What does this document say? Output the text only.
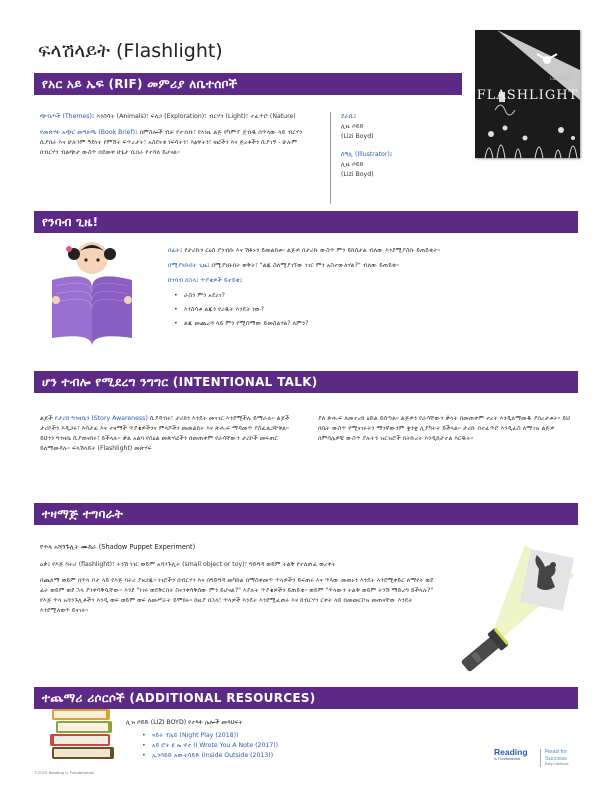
ፍላሽላይት (Flashlight)
LIZI BOYD
FLASHLIGHT
የአር አይ ኤፍ (RIF) መምሪያ ለቤተሰቦች
ጭብጦች (Themes)፤ እንስሳት (Animals)፣ ፍለጋ (Exploration)፣ ብርሃን (Light)፣ ተፈጥሮ (Nature)
የመጽሃፉ አጭር መግለጫ (Book Brief)፤ በምስሎች ብቻ የተገነቡ፣ የእነዚ ልጅ የካምፕ ጀብዱ በጥላው ላይ ብርሃን ሲያበራ እና ሁሉንም ዓይነት የምሽት ፍጥረታት፣ አስደናቂ ነፍሳትን፣ እፅዋትን፣ ዛፎችን እና ጅረቶችን ሲያገኝ - ሁሉም በብርሃን ብልጭታ ውስጥ በደመቀ ሁኔታ ሲበራ የተሻለ ይሆናል።
ደራሲ፤
ሊዚ ቦይድ
(Lizi Boyd)
ሰዓሊ (Illustrator)፤
ሊዚ ቦይድ
(Lizi Boyd)
የንባብ ጊዜ!
በፊት፤ የታሪኩን ርዕስ ያንብቡ እና ሽፋኑን ይመልከቱ። ልጅዎ በታሪኩ ውስጥ ምን ይከሰታል ብለው እንደሚያስቡ ይጠይቁት።
በሚያነቡበት ጊዜ፤ በሚያነቡበት ወቅት፣ "ልጁ ስለሚያገኘው ነገር ምን አስተውለሃል?" ብለው ይጠይቁ።
ከንባብ በኋላ፤ ጥያቄዎች ይተይቁ፤
• ራስን ምን አደረገ?
• እንስሳቱ ልጁን የረዱት እንዴት ነው?
• ልጁ መጨረሻ ላይ ምን የሚሰማው ይመስልሃል? ለምን?
ሆን ተብሎ የሚደረግ ንግግር (INTENTIONAL TALK)
ልጆች የታሪክ ግንዛቤን (Story Awareness) ሲያዳብሩ፣ ታሪክን እንዴት መናገር እንደሚችሉ ይማራሉ። ልጆች ታሪኮችን እዲጋሩ፣ እሳታፊ እና ተዛማች ጥያቄዎችንና ምላሾችን መመልከት እና ጽሑፍ ማዳመጥ ያስፈልጋቸዋል። ይህንን ግንዛቤ ሲያጠናክሩ፣ ይችላሉ። ቃል አልባ የስዕል መጽሃፎችን በመጠቀም የራሳቸውን ታሪኮች መፍጠር ይለማመዳሉ። ፍላሽላይት (Flashlight) መጽሃፍ
ያለ ጽሑፍ ለመተረክ ዕድል ይሰጣል። ልጅዎን የራሳቸውን ቃላት በመጠቀም ተረት እንዲለማመዱ ያበረታቱት። ይህ በቤት ውስጥ የሚናገሩትን ማንኛውንም ቋንቋ ሊያካትት ይችላል። ታሪኩ በተፈጥሮ እንዲፈስ ለማገዝ ልጅዎ በምሳሌዎቹ ውስጥ ያሉትን ዝርዝሮች በትኩረት እንዲከታተል እርዱት።
ተዛማጅ ተግባራት
የጥላ አሻንጉሊት ሙከራ (Shadow Puppet Experiment)
ዕቃ፤ የእጅ ባትሪ (flashlight)፣ ትንሽ ነገር ወይም አሻንጉሊት (small object or toy)፣ ግድግዳ ወይም ትልቅ የተለጠፈ ወረቀት
በጨለማ ወይም በጥላ ቦታ ላይ የእጅ ባትሪ ያዘጋጁ። ነገሮችን በብርሃን እና በግድግዳ መካከል በማስቀመጥ ጥላዎችን ይፍጠሩ እና ጥላው መጠኑን እንዴት እንደሚቀይር ለማየት ወደ ፊት ወይም ወደ ኋላ ያንቀሳቅሷቸው። እንደ "ነገሩ ወደቅርበት ስናንቀሳቅሰው ምን ይሆናል?" እያሉት ጥያቄዎችን ይጠይቁ። ወይም "ጥላውን ትልቅ ወይም ትንሽ ማድረግ ይችላሉ?" የእጅ ጥላ አሻንጉሊቶችን እንዲ ወፍ ወይም ወፍ ለመሥራት ይሞክሩ። ከዚያ በኋላ፣ ጥላዎች እንዴት እንደሚፈጠሩ እና ከብርሃን ርቀት ላይ በመመርኮዝ መጠናቸው እንዴት እንደሚለወጥ ይናገሩ።
ተጨማሪ ሪሶርሶች (ADDITIONAL RESOURCES)
ሊዝ ቦይድ (LIZI BOYD) የተጻፉ ሌሎች መጻህፍት
• ናይት ፕሌይ (Night Play (2018))
• አይ ሮት ዩ ኤ ኖተ (I Wrote You A Note (2017))
• ኢንሳይድ አውትሳይድ (Inside Outside (2013))
©2025 Reading Is Fundamental
Reading
Is Fundamental
Read for
Success
Early Childhood
